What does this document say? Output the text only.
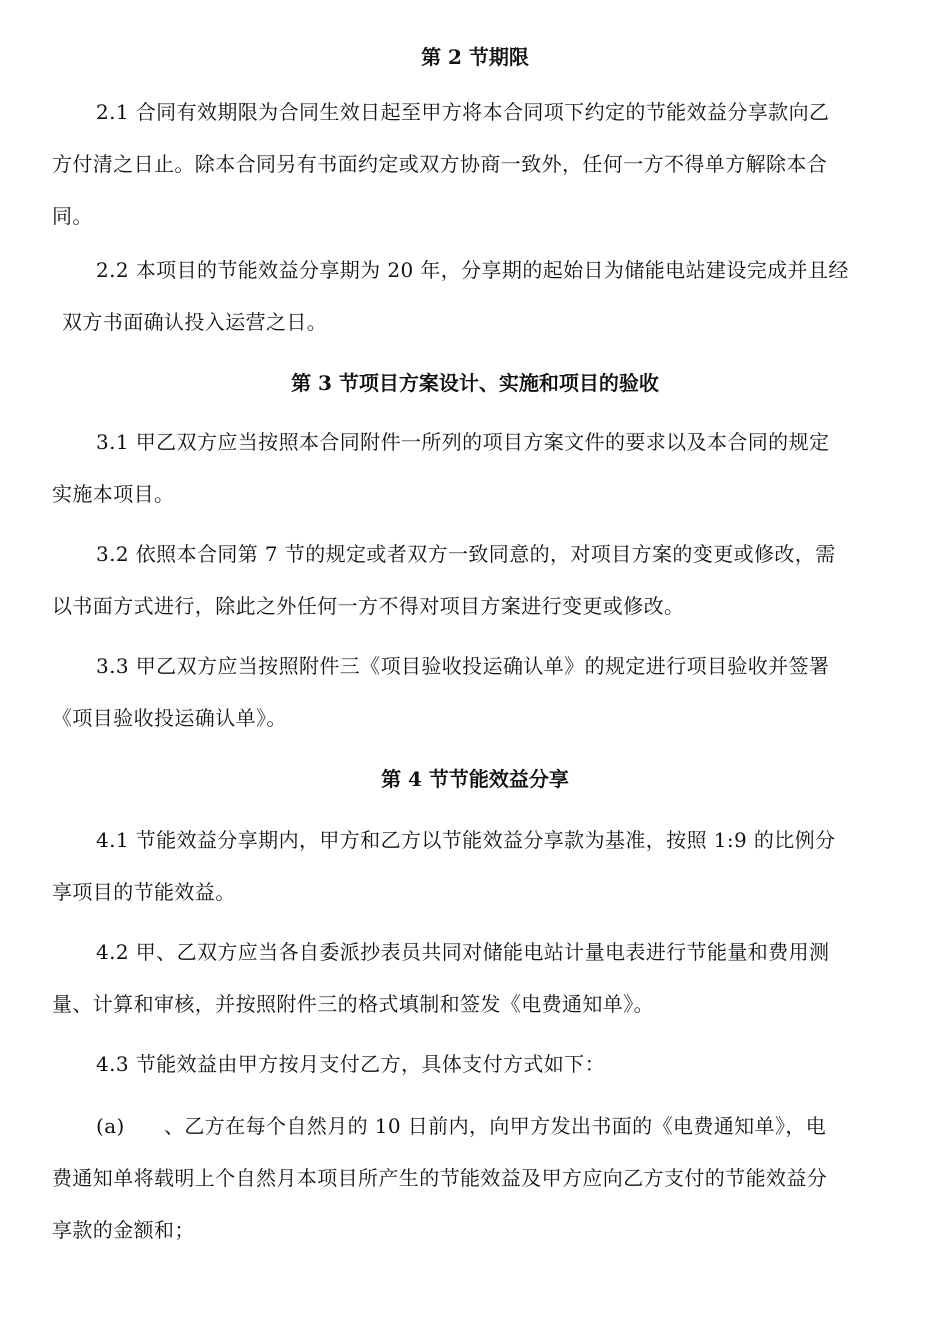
第 2 节期限

2.1 合同有效期限为合同生效日起至甲方将本合同项下约定的节能效益分享款向乙
方付清之日止。除本合同另有书面约定或双方协商一致外，任何一方不得单方解除本合
同。

2.2 本项目的节能效益分享期为 20 年，分享期的起始日为储能电站建设完成并且经
双方书面确认投入运营之日。

第 3 节项目方案设计、实施和项目的验收

3.1 甲乙双方应当按照本合同附件一所列的项目方案文件的要求以及本合同的规定
实施本项目。

3.2 依照本合同第 7 节的规定或者双方一致同意的，对项目方案的变更或修改，需
以书面方式进行，除此之外任何一方不得对项目方案进行变更或修改。

3.3 甲乙双方应当按照附件三《项目验收投运确认单》的规定进行项目验收并签署
《项目验收投运确认单》。

第 4 节节能效益分享

4.1 节能效益分享期内，甲方和乙方以节能效益分享款为基准，按照 1:9 的比例分
享项目的节能效益。

4.2 甲、乙双方应当各自委派抄表员共同对储能电站计量电表进行节能量和费用测
量、计算和审核，并按照附件三的格式填制和签发《电费通知单》。

4.3 节能效益由甲方按月支付乙方，具体支付方式如下：

(a) 、乙方在每个自然月的 10 日前内，向甲方发出书面的《电费通知单》，电
费通知单将载明上个自然月本项目所产生的节能效益及甲方应向乙方支付的节能效益分
享款的金额和；
